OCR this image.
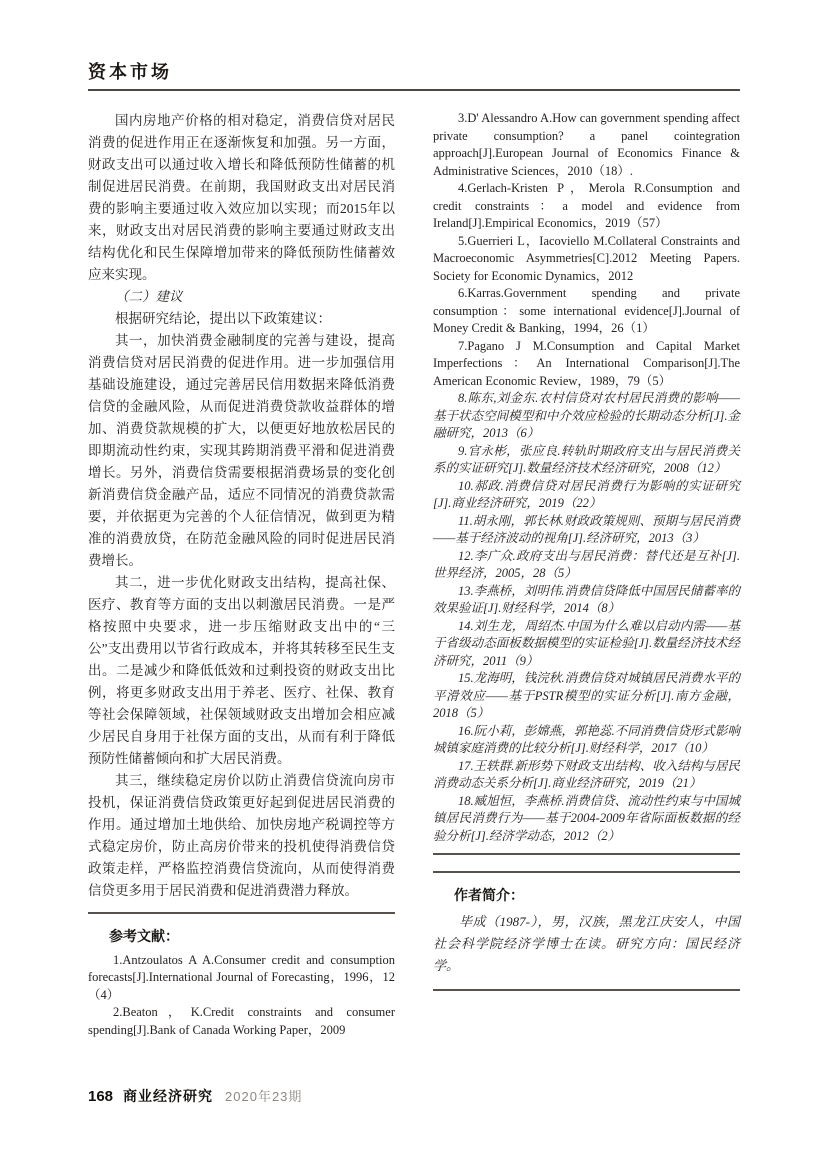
资本市场

国内房地产价格的相对稳定，消费信贷对居民消费的促进作用正在逐渐恢复和加强。另一方面，财政支出可以通过收入增长和降低预防性储蓄的机制促进居民消费。在前期，我国财政支出对居民消费的影响主要通过收入效应加以实现；而2015年以来，财政支出对居民消费的影响主要通过财政支出结构优化和民生保障增加带来的降低预防性储蓄效应来实现。

（二）建议

根据研究结论，提出以下政策建议：

其一，加快消费金融制度的完善与建设，提高消费信贷对居民消费的促进作用。进一步加强信用基础设施建设，通过完善居民信用数据来降低消费信贷的金融风险，从而促进消费贷款收益群体的增加、消费贷款规模的扩大，以便更好地放松居民的即期流动性约束，实现其跨期消费平滑和促进消费增长。另外，消费信贷需要根据消费场景的变化创新消费信贷金融产品，适应不同情况的消费贷款需要，并依据更为完善的个人征信情况，做到更为精准的消费放贷，在防范金融风险的同时促进居民消费增长。

其二，进一步优化财政支出结构，提高社保、医疗、教育等方面的支出以刺激居民消费。一是严格按照中央要求，进一步压缩财政支出中的“三公”支出费用以节省行政成本，并将其转移至民生支出。二是减少和降低低效和过剩投资的财政支出比例，将更多财政支出用于养老、医疗、社保、教育等社会保障领域，社保领域财政支出增加会相应减少居民自身用于社保方面的支出，从而有利于降低预防性储蓄倾向和扩大居民消费。

其三，继续稳定房价以防止消费信贷流向房市投机，保证消费信贷政策更好起到促进居民消费的作用。通过增加土地供给、加快房地产税调控等方式稳定房价，防止高房价带来的投机使得消费信贷政策走样，严格监控消费信贷流向，从而使得消费信贷更多用于居民消费和促进消费潜力释放。

参考文献：

1.Antzoulatos A A.Consumer credit and consumption forecasts[J].International Journal of Forecasting，1996，12（4）

2.Beaton，K.Credit constraints and consumer spending[J].Bank of Canada Working Paper，2009

3.D' Alessandro A.How can government spending affect private consumption? a panel cointegration approach[J].European Journal of Economics Finance & Administrative Sciences，2010（18）.

4.Gerlach-Kristen P，Merola R.Consumption and credit constraints：a model and evidence from Ireland[J].Empirical Economics，2019（57）

5.Guerrieri L，Iacoviello M.Collateral Constraints and Macroeconomic Asymmetries[C].2012 Meeting Papers. Society for Economic Dynamics，2012

6.Karras.Government spending and private consumption：some international evidence[J].Journal of Money Credit & Banking，1994，26（1）

7.Pagano J M.Consumption and Capital Market Imperfections：An International Comparison[J].The American Economic Review，1989，79（5）

8.陈东,刘金东.农村信贷对农村居民消费的影响——基于状态空间模型和中介效应检验的长期动态分析[J].金融研究，2013（6）

9.官永彬，张应良.转轨时期政府支出与居民消费关系的实证研究[J].数量经济技术经济研究，2008（12）

10.郝政.消费信贷对居民消费行为影响的实证研究[J].商业经济研究，2019（22）

11.胡永刚，郭长林.财政政策规则、预期与居民消费——基于经济波动的视角[J].经济研究，2013（3）

12.李广众.政府支出与居民消费：替代还是互补[J].世界经济，2005，28（5）

13.李燕桥，刘明伟.消费信贷降低中国居民储蓄率的效果验证[J].财经科学，2014（8）

14.刘生龙，周绍杰.中国为什么难以启动内需——基于省级动态面板数据模型的实证检验[J].数量经济技术经济研究，2011（9）

15.龙海明，钱浣秋.消费信贷对城镇居民消费水平的平滑效应——基于PSTR模型的实证分析[J].南方金融，2018（5）

16.阮小莉，彭嫦燕，郭艳蕊.不同消费信贷形式影响城镇家庭消费的比较分析[J].财经科学，2017（10）

17.王轶群.新形势下财政支出结构、收入结构与居民消费动态关系分析[J].商业经济研究，2019（21）

18.臧旭恒，李燕桥.消费信贷、流动性约束与中国城镇居民消费行为——基于2004-2009年省际面板数据的经验分析[J].经济学动态，2012（2）

作者简介：

毕成（1987-），男，汉族，黑龙江庆安人，中国社会科学院经济学博士在读。研究方向：国民经济学。

168 商业经济研究 2020年23期
